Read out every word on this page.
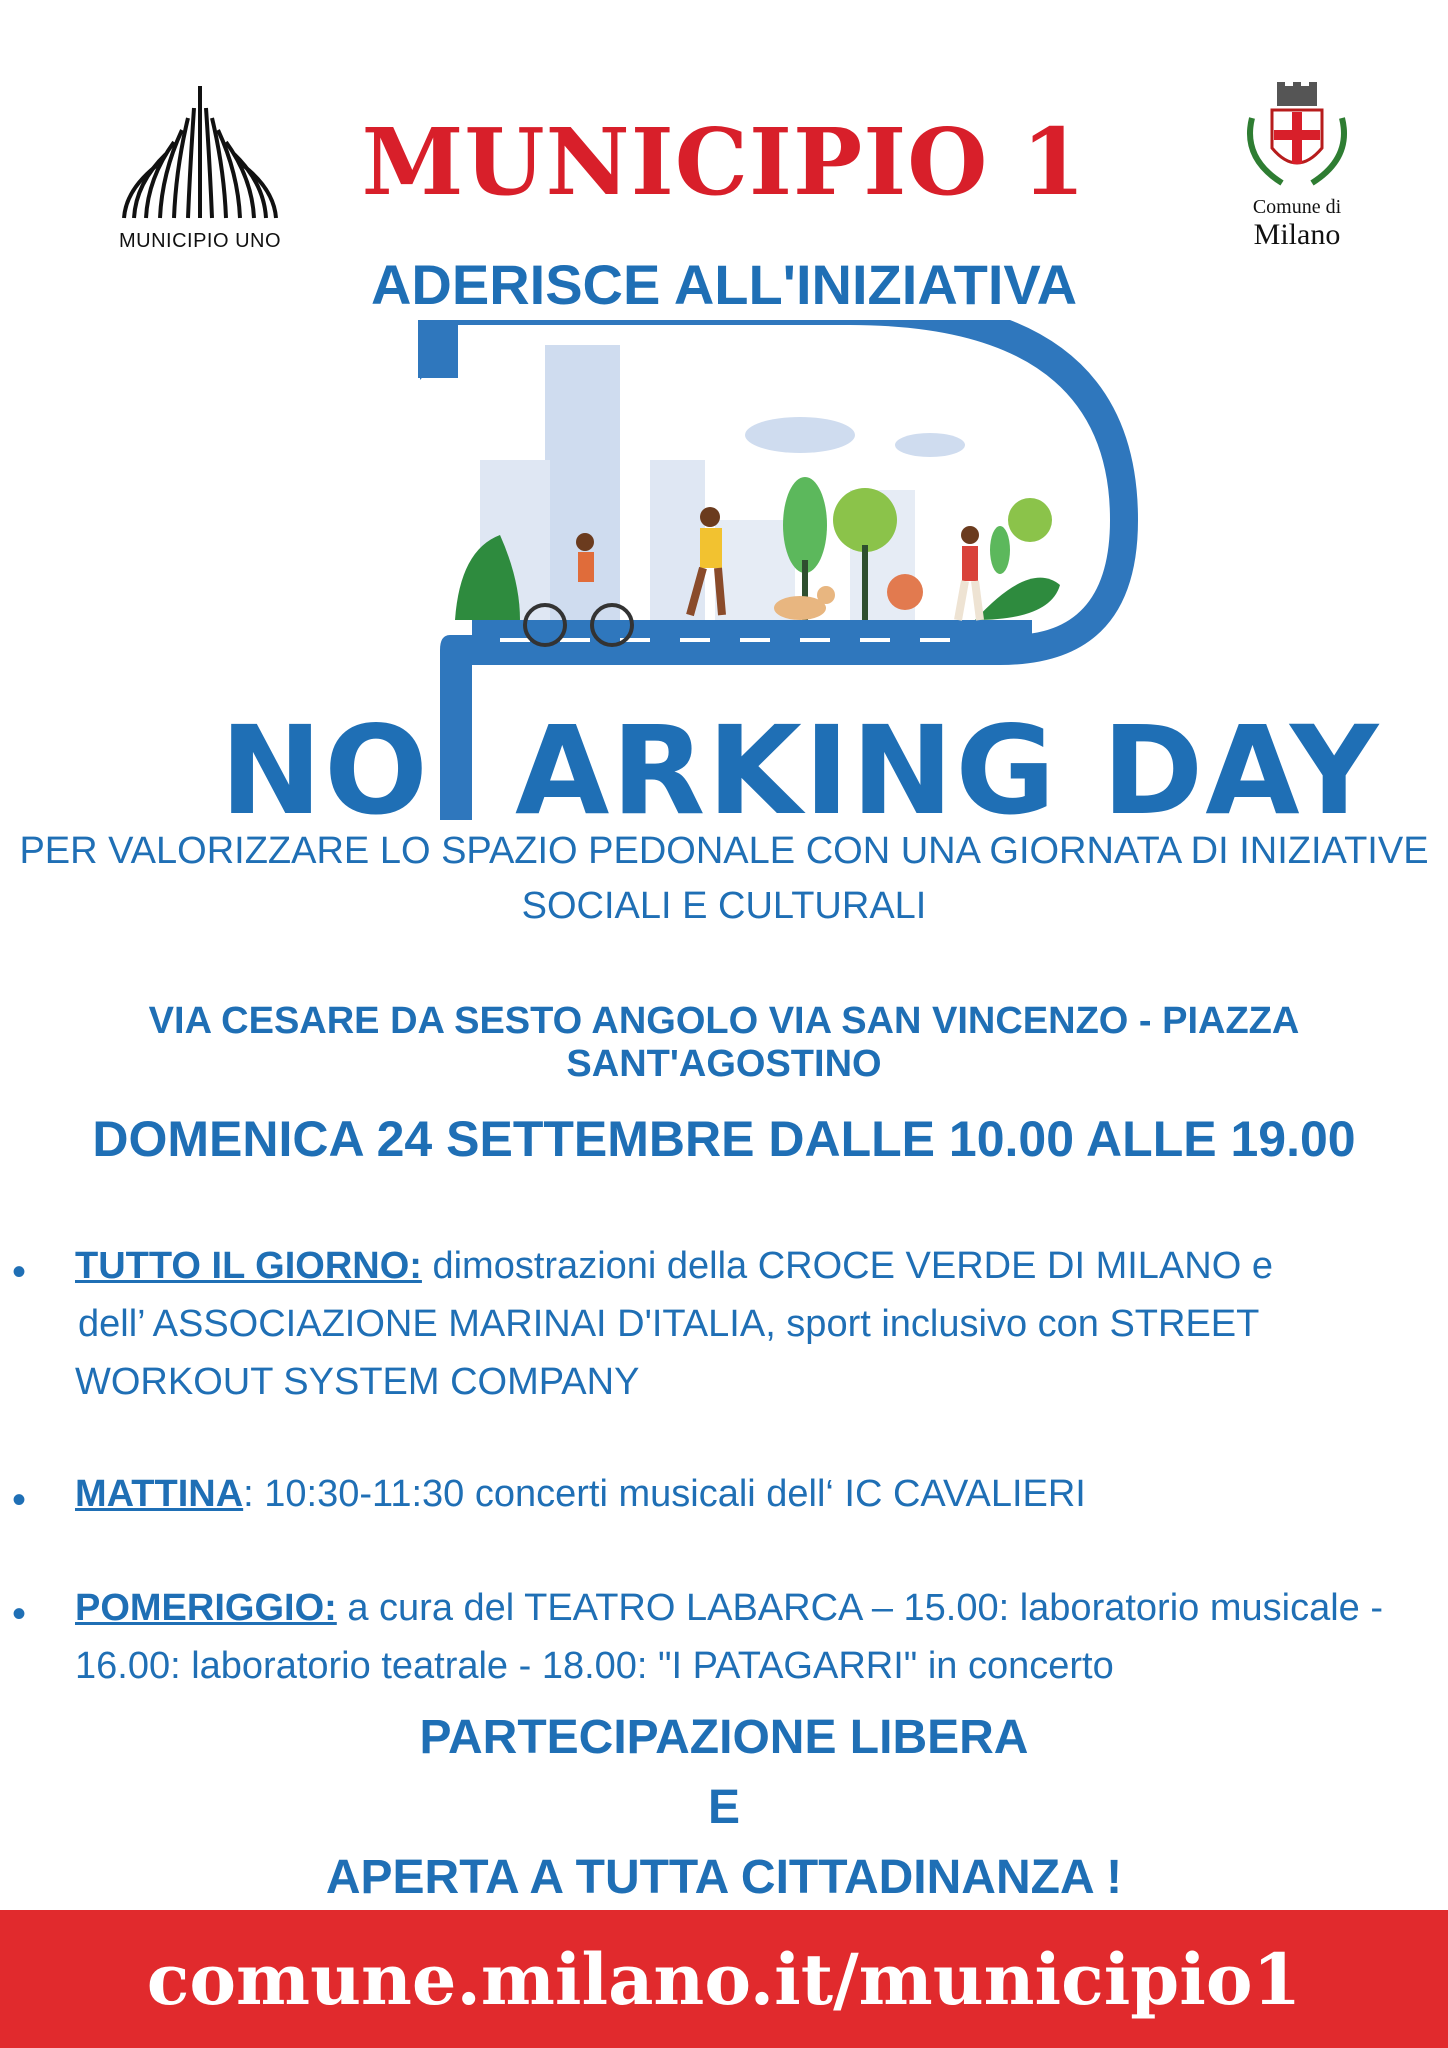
MUNICIPIO UNO
Comune di
Milano
MUNICIPIO 1
ADERISCE ALL'INIZIATIVA
NO ARKING DAY
PER VALORIZZARE LO SPAZIO PEDONALE CON UNA GIORNATA DI INIZIATIVE
SOCIALI E CULTURALI
VIA CESARE DA SESTO ANGOLO VIA SAN VINCENZO - PIAZZA SANT'AGOSTINO
DOMENICA 24 SETTEMBRE DALLE 10.00 ALLE 19.00
• TUTTO IL GIORNO: dimostrazioni della CROCE VERDE DI MILANO e
dell’ ASSOCIAZIONE MARINAI D'ITALIA, sport inclusivo con STREET
WORKOUT SYSTEM COMPANY
• MATTINA: 10:30-11:30 concerti musicali dell‘ IC CAVALIERI
• POMERIGGIO: a cura del TEATRO LABARCA – 15.00: laboratorio musicale -
16.00: laboratorio teatrale - 18.00: "I PATAGARRI" in concerto
PARTECIPAZIONE LIBERA
E
APERTA A TUTTA CITTADINANZA !
comune.milano.it/municipio1
